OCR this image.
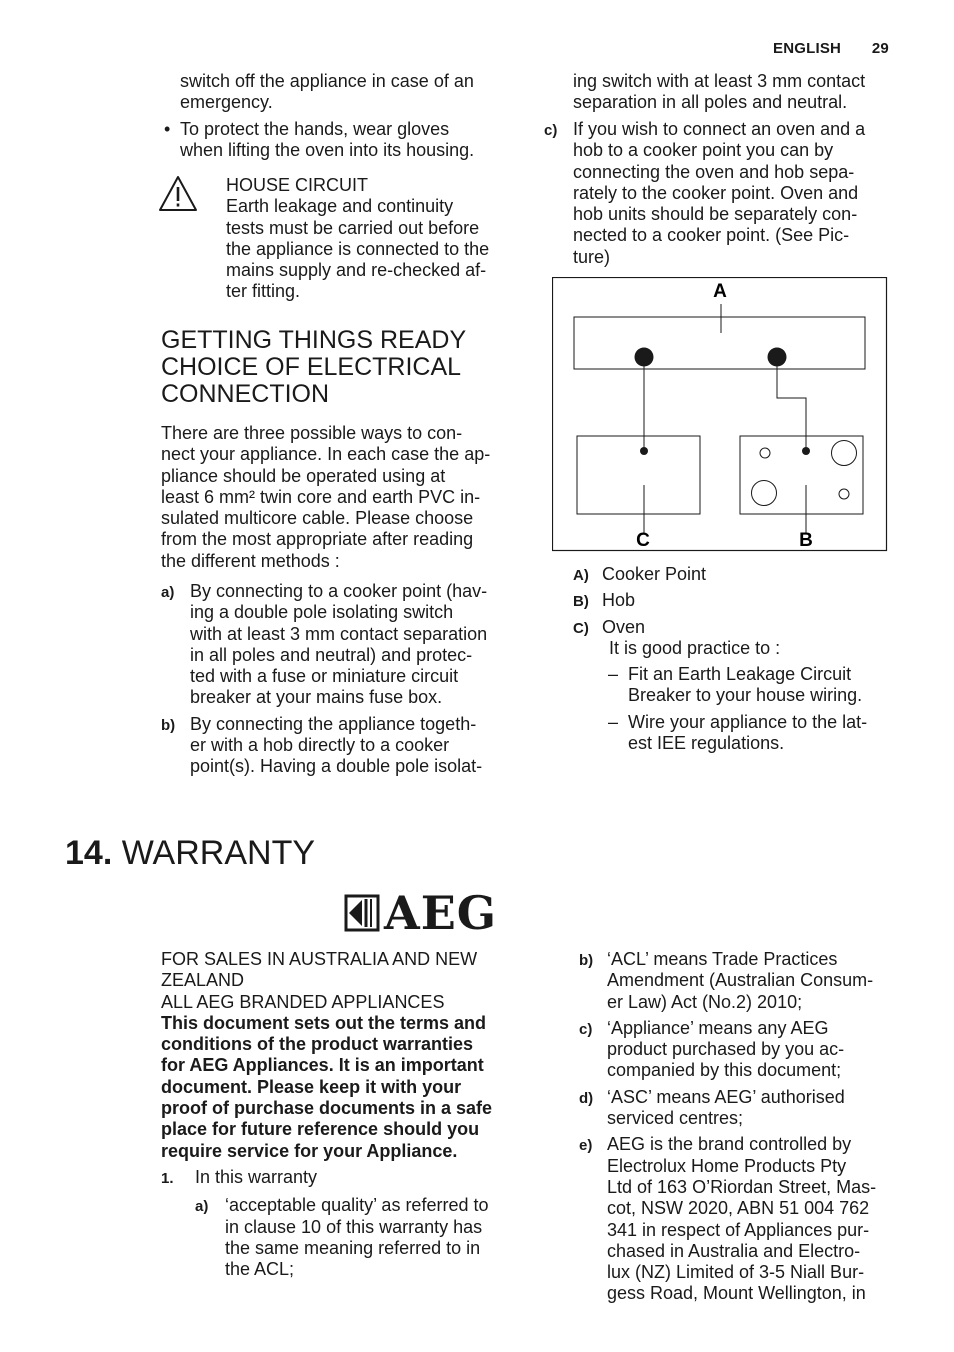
ENGLISH 29

switch off the appliance in case of an

emergency.

• To protect the hands, wear gloves

when lifting the oven into its housing.

HOUSE CIRCUIT

Earth leakage and continuity

tests must be carried out before

the appliance is connected to the

mains supply and re-checked af-

ter fitting.

GETTING THINGS READY
CHOICE OF ELECTRICAL
CONNECTION

There are three possible ways to con-

nect your appliance. In each case the ap-

pliance should be operated using at

least 6 mm² twin core and earth PVC in-

sulated multicore cable. Please choose

from the most appropriate after reading

the different methods :

a) By connecting to a cooker point (hav-

ing a double pole isolating switch

with at least 3 mm contact separation

in all poles and neutral) and protec-

ted with a fuse or miniature circuit

breaker at your mains fuse box.

b) By connecting the appliance togeth-

er with a hob directly to a cooker

point(s). Having a double pole isolat-

ing switch with at least 3 mm contact

separation in all poles and neutral.

c) If you wish to connect an oven and a

hob to a cooker point you can by

connecting the oven and hob sepa-

rately to the cooker point. Oven and

hob units should be separately con-

nected to a cooker point. (See Pic-

ture)

A
C	B
A) Cooker Point

B) Hob

C) Oven

It is good practice to :

– Fit an Earth Leakage Circuit

Breaker to your house wiring.

– Wire your appliance to the lat-

est IEE regulations.

14. WARRANTY
AEG

FOR SALES IN AUSTRALIA AND NEW

ZEALAND

ALL AEG BRANDED APPLIANCES

This document sets out the terms and

conditions of the product warranties

for AEG Appliances. It is an important

document. Please keep it with your

proof of purchase documents in a safe

place for future reference should you

require service for your Appliance.

1. In this warranty

a) ‘acceptable quality’ as referred to

in clause 10 of this warranty has

the same meaning referred to in

the ACL;

b) ‘ACL’ means Trade Practices

Amendment (Australian Consum-

er Law) Act (No.2) 2010;

c) ‘Appliance’ means any AEG

product purchased by you ac-

companied by this document;

d) ‘ASC’ means AEG’ authorised

serviced centres;

e) AEG is the brand controlled by

Electrolux Home Products Pty

Ltd of 163 O’Riordan Street, Mas-

cot, NSW 2020, ABN 51 004 762

341 in respect of Appliances pur-

chased in Australia and Electro-

lux (NZ) Limited of 3-5 Niall Bur-

gess Road, Mount Wellington, in
